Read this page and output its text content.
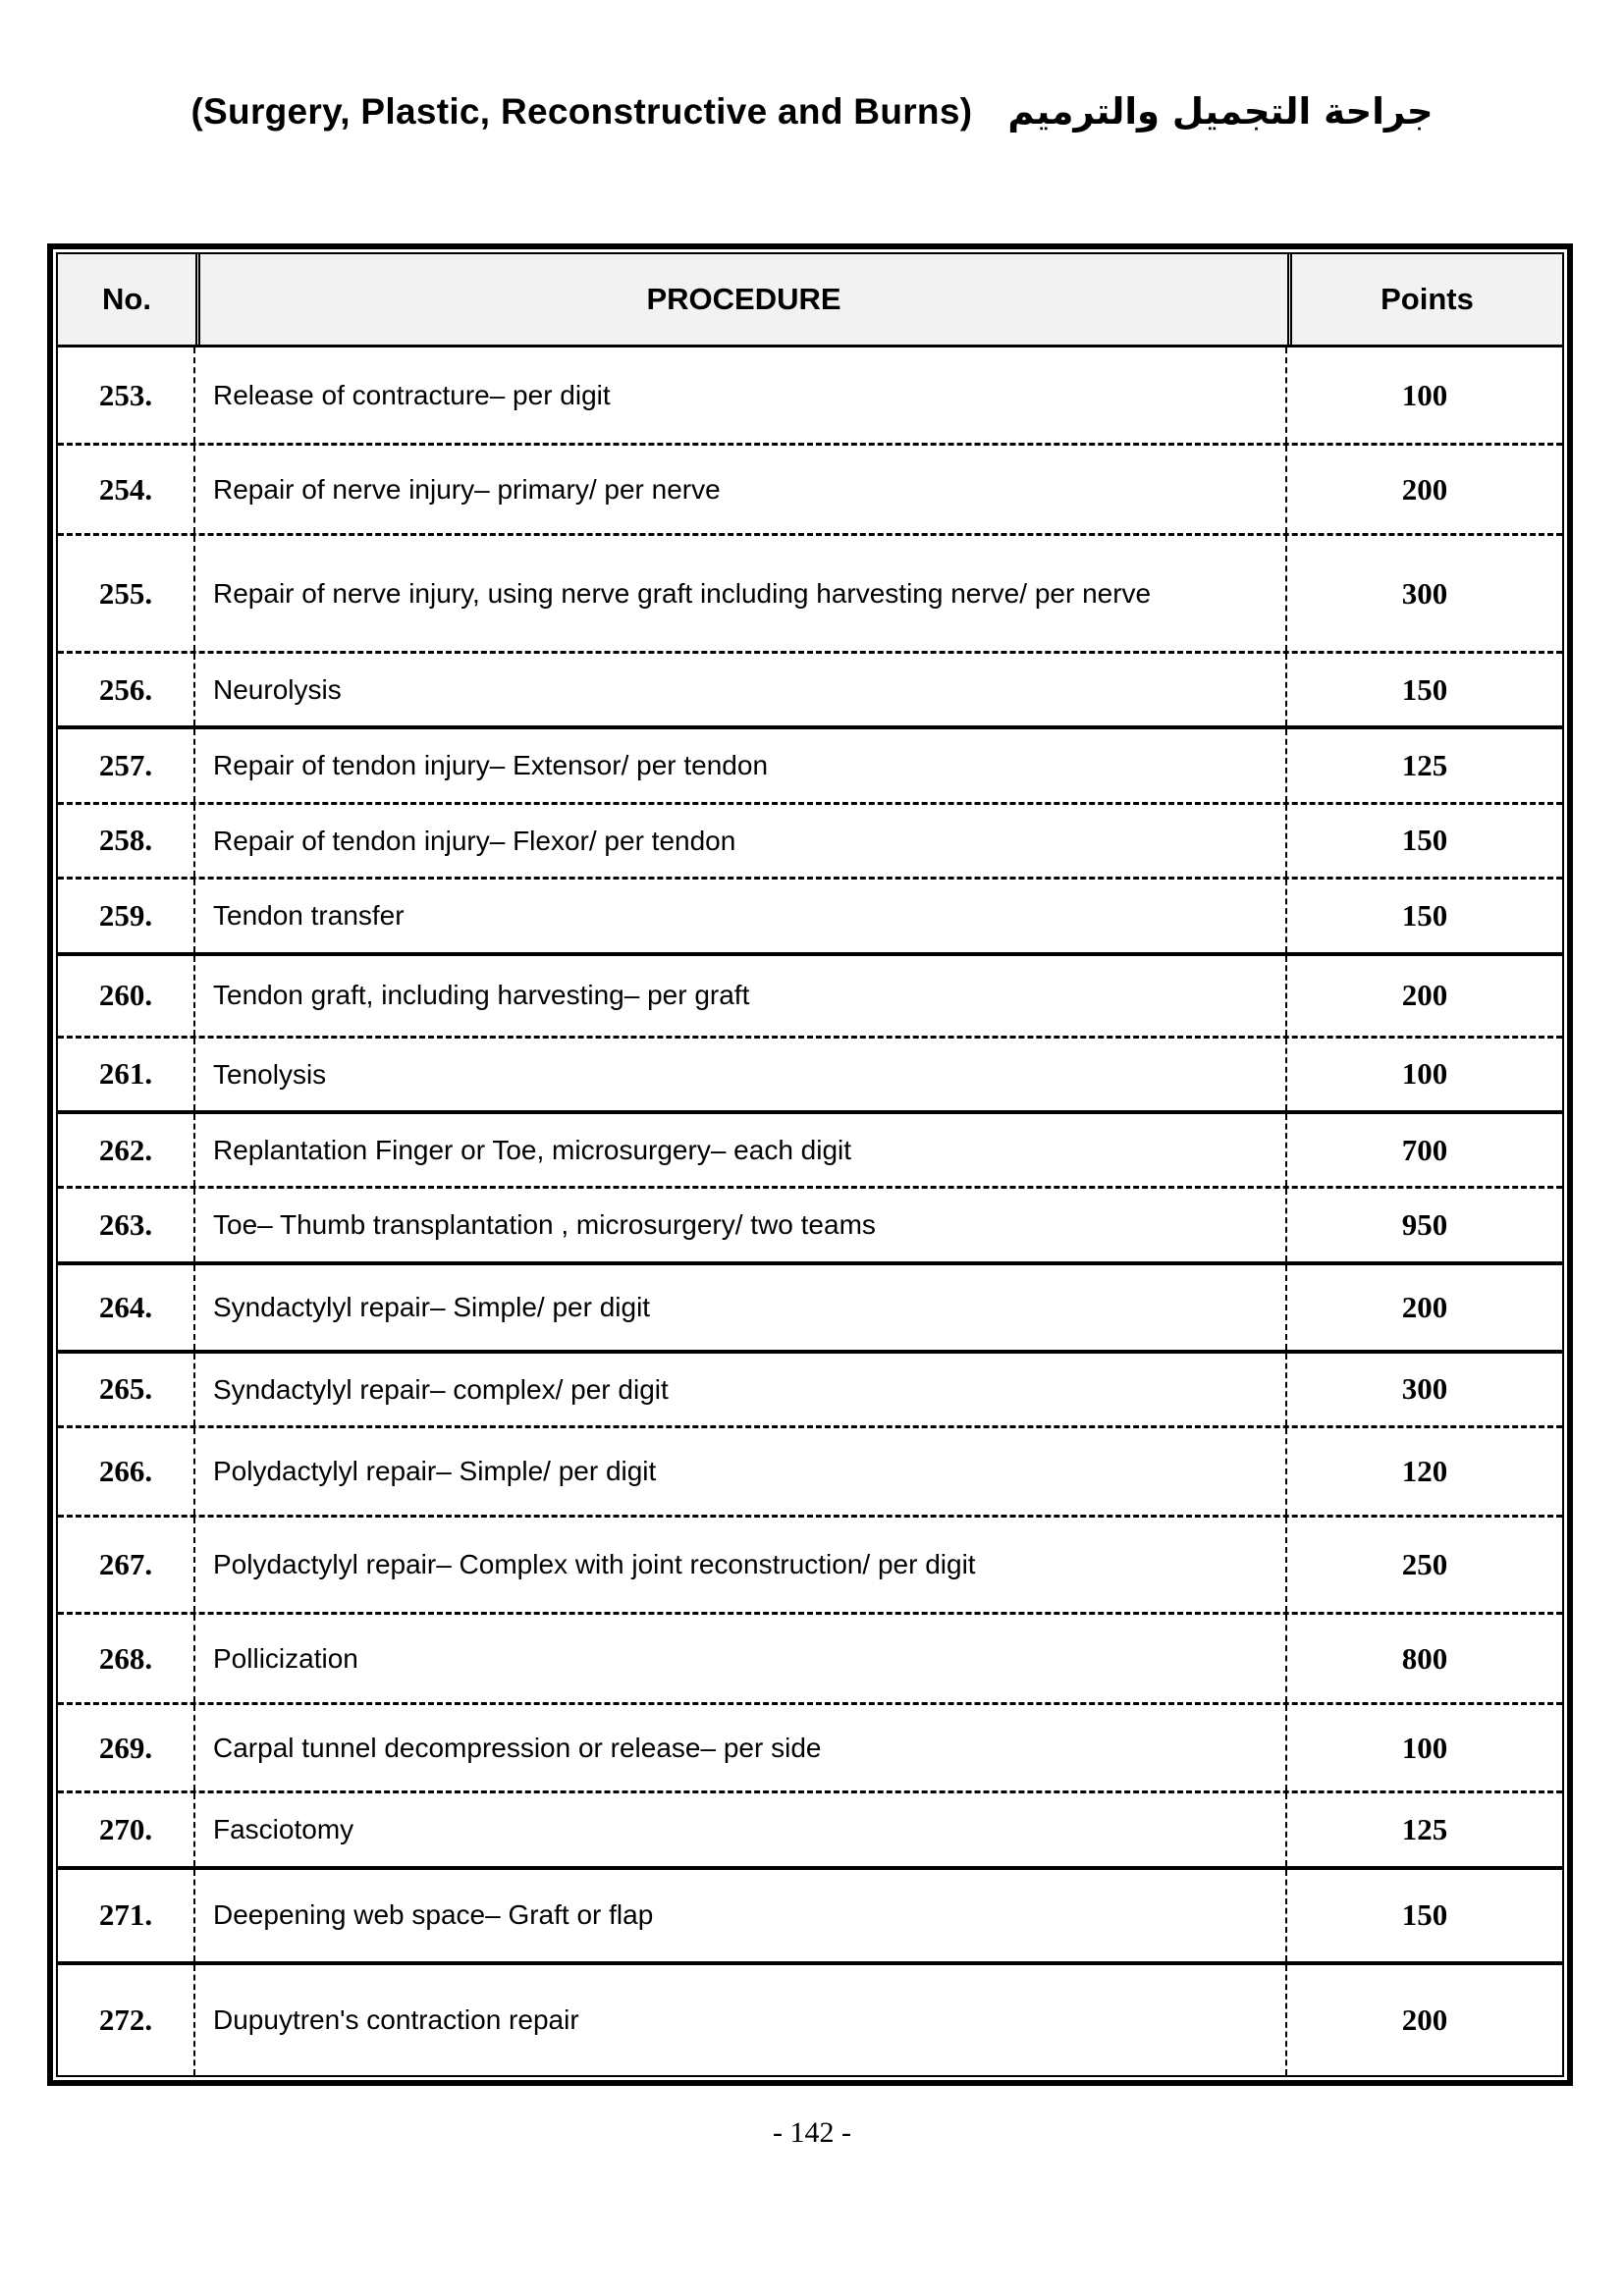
(Surgery, Plastic, Reconstructive and Burns) جراحة التجميل والترميم
No.	PROCEDURE	Points
253.	Release of contracture– per digit	100
254.	Repair of nerve injury– primary/ per nerve	200
255.	Repair of nerve injury, using nerve graft including harvesting nerve/ per nerve	300
256.	Neurolysis	150
257.	Repair of tendon injury– Extensor/ per tendon	125
258.	Repair of tendon injury– Flexor/ per tendon	150
259.	Tendon transfer	150
260.	Tendon graft, including harvesting– per graft	200
261.	Tenolysis	100
262.	Replantation Finger or Toe, microsurgery– each digit	700
263.	Toe– Thumb transplantation , microsurgery/ two teams	950
264.	Syndactylyl repair– Simple/ per digit	200
265.	Syndactylyl repair– complex/ per digit	300
266.	Polydactylyl repair– Simple/ per digit	120
267.	Polydactylyl repair– Complex with joint reconstruction/ per digit	250
268.	Pollicization	800
269.	Carpal tunnel decompression or release– per side	100
270.	Fasciotomy	125
271.	Deepening web space– Graft or flap	150
272.	Dupuytren's contraction repair	200
- 142 -
